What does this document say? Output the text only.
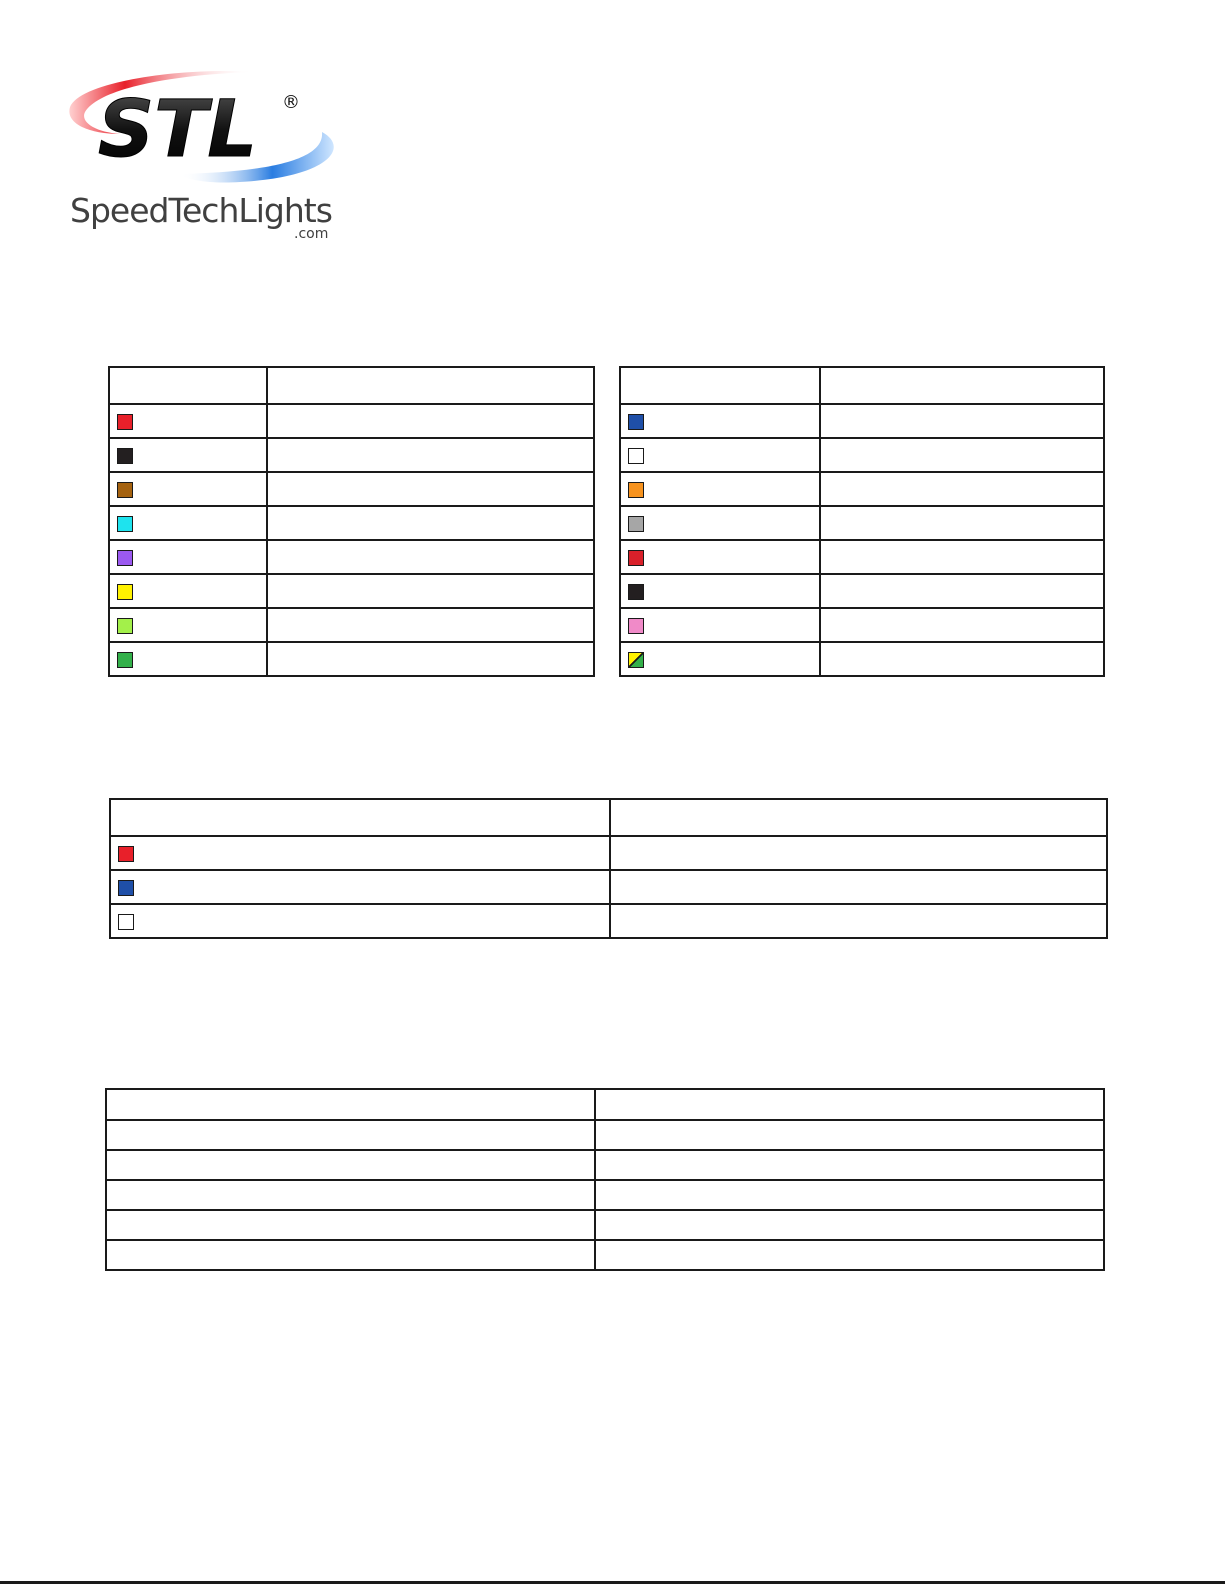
STL ®
SpeedTechLights
.com
